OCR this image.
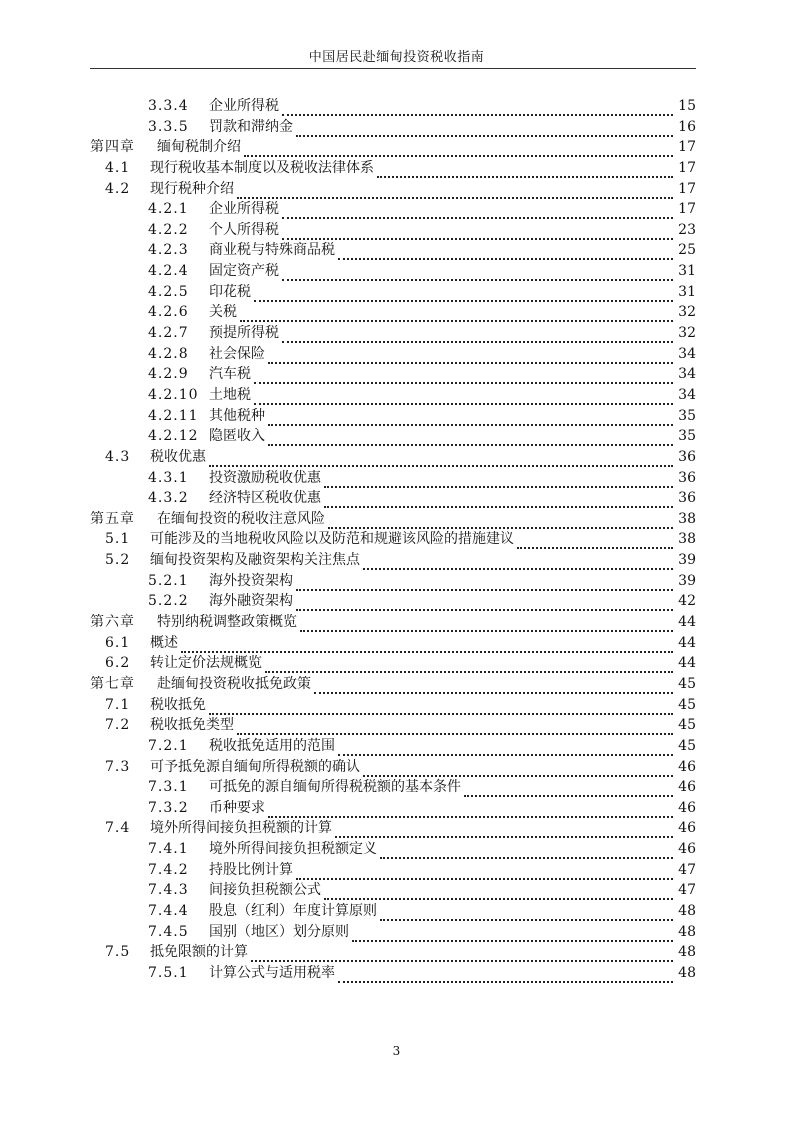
中国居民赴缅甸投资税收指南
3.3.4 企业所得税	15
3.3.5 罚款和滞纳金	16
第四章 缅甸税制介绍	17
4.1 现行税收基本制度以及税收法律体系	17
4.2 现行税种介绍	17
4.2.1 企业所得税	17
4.2.2 个人所得税	23
4.2.3 商业税与特殊商品税	25
4.2.4 固定资产税	31
4.2.5 印花税	31
4.2.6 关税	32
4.2.7 预提所得税	32
4.2.8 社会保险	34
4.2.9 汽车税	34
4.2.10 土地税	34
4.2.11 其他税种	35
4.2.12 隐匿收入	35
4.3 税收优惠	36
4.3.1 投资激励税收优惠	36
4.3.2 经济特区税收优惠	36
第五章 在缅甸投资的税收注意风险	38
5.1 可能涉及的当地税收风险以及防范和规避该风险的措施建议	38
5.2 缅甸投资架构及融资架构关注焦点	39
5.2.1 海外投资架构	39
5.2.2 海外融资架构	42
第六章 特别纳税调整政策概览	44
6.1 概述	44
6.2 转让定价法规概览	44
第七章 赴缅甸投资税收抵免政策	45
7.1 税收抵免	45
7.2 税收抵免类型	45
7.2.1 税收抵免适用的范围	45
7.3 可予抵免源自缅甸所得税额的确认	46
7.3.1 可抵免的源自缅甸所得税税额的基本条件	46
7.3.2 币种要求	46
7.4 境外所得间接负担税额的计算	46
7.4.1 境外所得间接负担税额定义	46
7.4.2 持股比例计算	47
7.4.3 间接负担税额公式	47
7.4.4 股息（红利）年度计算原则	48
7.4.5 国别（地区）划分原则	48
7.5 抵免限额的计算	48
7.5.1 计算公式与适用税率	48
3
